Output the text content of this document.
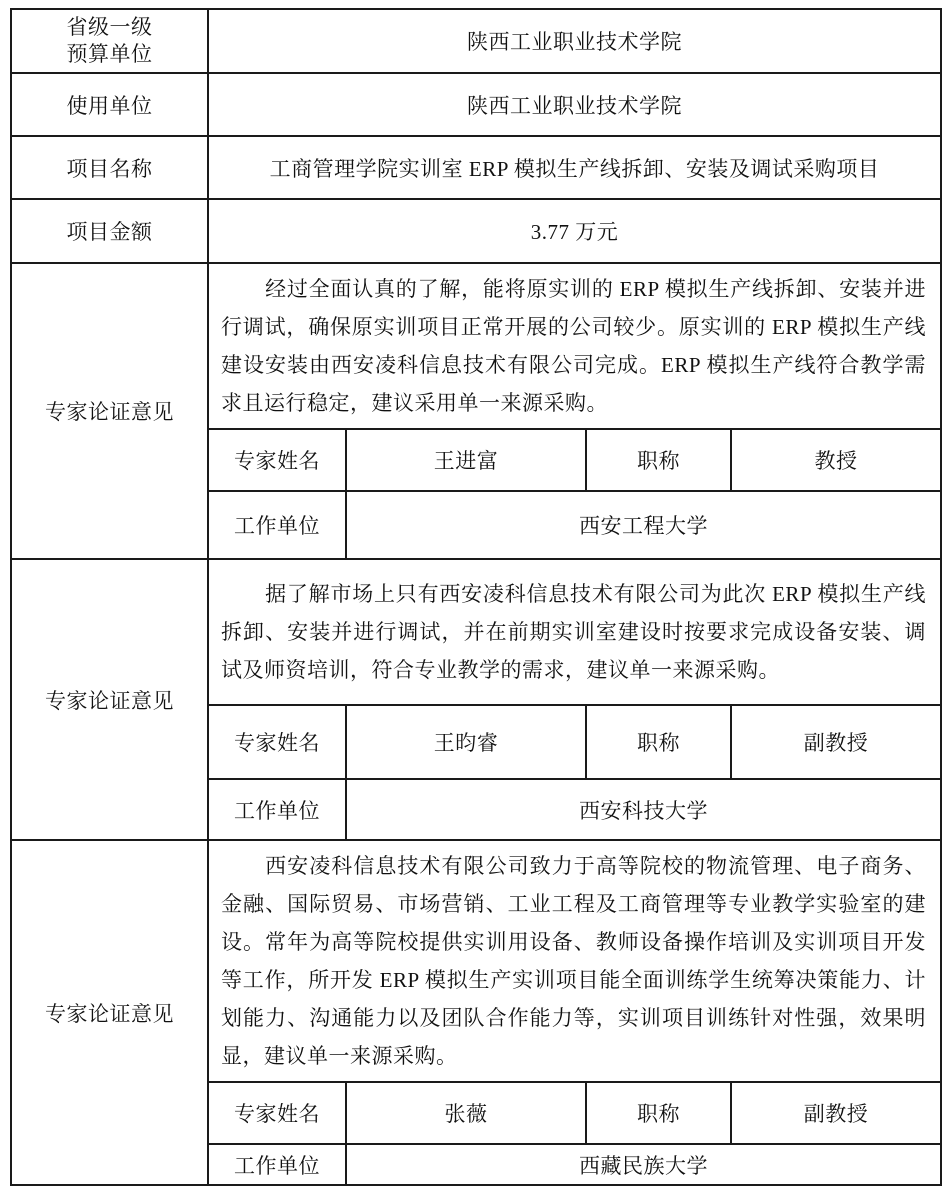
省级一级预算单位	陕西工业职业技术学院			
使用单位	陕西工业职业技术学院			
项目名称	工商管理学院实训室 ERP 模拟生产线拆卸、安装及调试采购项目			
项目金额	3.77 万元			
专家论证意见	经过全面认真的了解，能将原实训的 ERP 模拟生产线拆卸、安装并进行调试，确保原实训项目正常开展的公司较少。原实训的 ERP 模拟生产线建设安装由西安凌科信息技术有限公司完成。ERP 模拟生产线符合教学需求且运行稳定，建议采用单一来源采购。			

	专家姓名	王进富	职称	教授
	工作单位	西安工程大学		
专家论证意见	据了解市场上只有西安凌科信息技术有限公司为此次 ERP 模拟生产线拆卸、安装并进行调试，并在前期实训室建设时按要求完成设备安装、调试及师资培训，符合专业教学的需求，建议单一来源采购。			

	专家姓名	王昀睿	职称	副教授
	工作单位	西安科技大学		
专家论证意见	西安凌科信息技术有限公司致力于高等院校的物流管理、电子商务、金融、国际贸易、市场营销、工业工程及工商管理等专业教学实验室的建设。常年为高等院校提供实训用设备、教师设备操作培训及实训项目开发等工作，所开发 ERP 模拟生产实训项目能全面训练学生统筹决策能力、计划能力、沟通能力以及团队合作能力等，实训项目训练针对性强，效果明显，建议单一来源采购。			

	专家姓名	张薇	职称	副教授
	工作单位	西藏民族大学		
